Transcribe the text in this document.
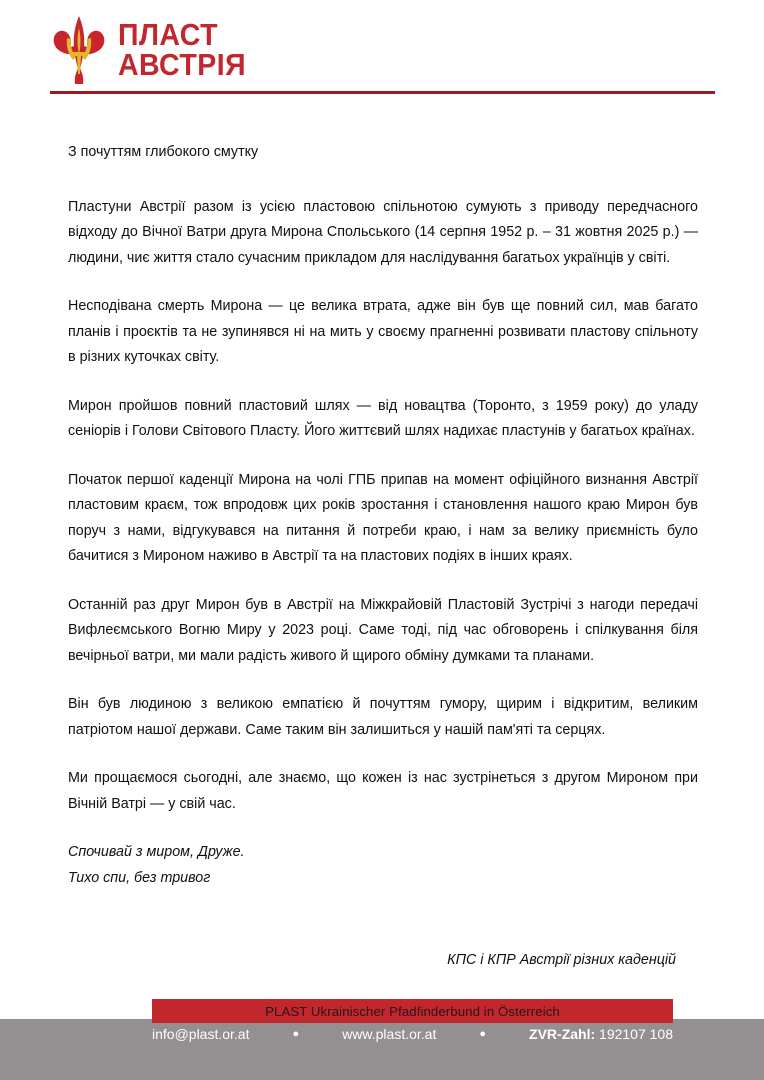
ПЛАСТ
АВСТРІЯ

З почуттям глибокого смутку

Пластуни Австрії разом із усією пластовою спільнотою сумують з приводу передчасного відходу до Вічної Ватри друга Мирона Спольського (14 серпня 1952 р. – 31 жовтня 2025 р.) — людини, чиє життя стало сучасним прикладом для наслідування багатьох українців у світі.

Несподівана смерть Мирона — це велика втрата, адже він був ще повний сил, мав багато планів і проєктів та не зупинявся ні на мить у своєму прагненні розвивати пластову спільноту в різних куточках світу.

Мирон пройшов повний пластовий шлях — від новацтва (Торонто, з 1959 року) до уладу сеніорів і Голови Світового Пласту. Його життєвий шлях надихає пластунів у багатьох країнах.

Початок першої каденції Мирона на чолі ГПБ припав на момент офіційного визнання Австрії пластовим краєм, тож впродовж цих років зростання і становлення нашого краю Мирон був поруч з нами, відгукувався на питання й потреби краю, і нам за велику приємність було бачитися з Мироном наживо в Австрії та на пластових подіях в інших краях.

Останній раз друг Мирон був в Австрії на Міжкрайовій Пластовій Зустрічі з нагоди передачі Вифлеємського Вогню Миру у 2023 році. Саме тоді, під час обговорень і спілкування біля вечірньої ватри, ми мали радість живого й щирого обміну думками та планами.

Він був людиною з великою емпатією й почуттям гумору, щирим і відкритим, великим патріотом нашої держави. Саме таким він залишиться у нашій пам'яті та серцях.

Ми прощаємося сьогодні, але знаємо, що кожен із нас зустрінеться з другом Мироном при Вічній Ватрі — у свій час.

Спочивай з миром, Друже.
Тихо спи, без тривог
КПС і КПР Австрії різних каденцій
PLAST Ukrainischer Pfadfinderbund in Österreich
info@plast.or.at	●	www.plast.or.at	●	ZVR-Zahl: 192107 108
